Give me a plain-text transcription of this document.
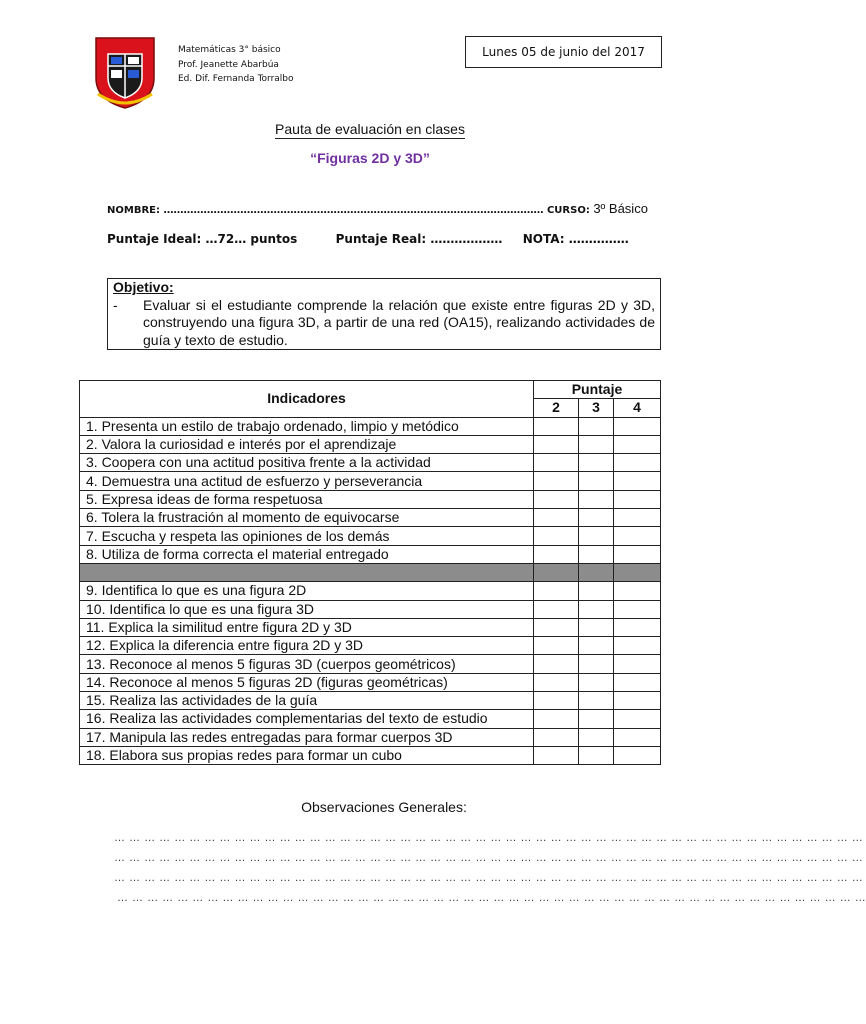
Matemáticas 3° básico
Prof. Jeanette Abarbúa
Ed. Dif. Fernanda Torralbo
Lunes 05 de junio del 2017
Pauta de evaluación en clases
“Figuras 2D y 3D”
NOMBRE: …………………………………………………………………………………………………… CURSO: 3º Básico
Puntaje Ideal: …72… puntos	Puntaje Real: ……………… NOTA: ……………
Objetivo:
-	Evaluar si el estudiante comprende la relación que existe entre figuras 2D y 3D, construyendo una figura 3D, a partir de una red (OA15), realizando actividades de guía y texto de estudio.
Indicadores	Puntaje		
	2	3	4
1. Presenta un estilo de trabajo ordenado, limpio y metódico			
2. Valora la curiosidad e interés por el aprendizaje			
3. Coopera con una actitud positiva frente a la actividad			
4. Demuestra una actitud de esfuerzo y perseverancia			
5. Expresa ideas de forma respetuosa			
6. Tolera la frustración al momento de equivocarse			
7. Escucha y respeta las opiniones de los demás			
8. Utiliza de forma correcta el material entregado			

9. Identifica lo que es una figura 2D			
10. Identifica lo que es una figura 3D			
11. Explica la similitud entre figura 2D y 3D			
12. Explica la diferencia entre figura 2D y 3D			
13. Reconoce al menos 5 figuras 3D (cuerpos geométricos)			
14. Reconoce al menos 5 figuras 2D (figuras geométricas)			
15. Realiza las actividades de la guía			
16. Realiza las actividades complementarias del texto de estudio			
17. Manipula las redes entregadas para formar cuerpos 3D			
18. Elabora sus propias redes para formar un cubo			
Observaciones Generales:
… … … … … … … … … … … … … … … … … … … … … … … … … … … … … … … … … … … … … … … … … … … … … … … … … …
… … … … … … … … … … … … … … … … … … … … … … … … … … … … … … … … … … … … … … … … … … … … … … … … … …
… … … … … … … … … … … … … … … … … … … … … … … … … … … … … … … … … … … … … … … … … … … … … … … … … …
… … … … … … … … … … … … … … … … … … … … … … … … … … … … … … … … … … … … … … … … … … … … … … … … … …
